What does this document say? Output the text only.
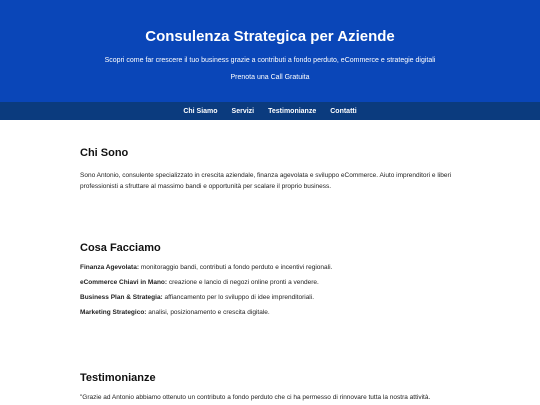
Consulenza Strategica per Aziende

Scopri come far crescere il tuo business grazie a contributi a fondo perduto, eCommerce e strategie digitali

Prenota una Call Gratuita

Chi Siamo Servizi Testimonianze Contatti
Chi Sono

Sono Antonio, consulente specializzato in crescita aziendale, finanza agevolata e sviluppo eCommerce. Aiuto imprenditori e liberi professionisti a sfruttare al massimo bandi e opportunità per scalare il proprio business.

Cosa Facciamo

Finanza Agevolata: monitoraggio bandi, contributi a fondo perduto e incentivi regionali.

eCommerce Chiavi in Mano: creazione e lancio di negozi online pronti a vendere.

Business Plan & Strategia: affiancamento per lo sviluppo di idee imprenditoriali.

Marketing Strategico: analisi, posizionamento e crescita digitale.

Testimonianze

"Grazie ad Antonio abbiamo ottenuto un contributo a fondo perduto che ci ha permesso di rinnovare tutta la nostra attività.
